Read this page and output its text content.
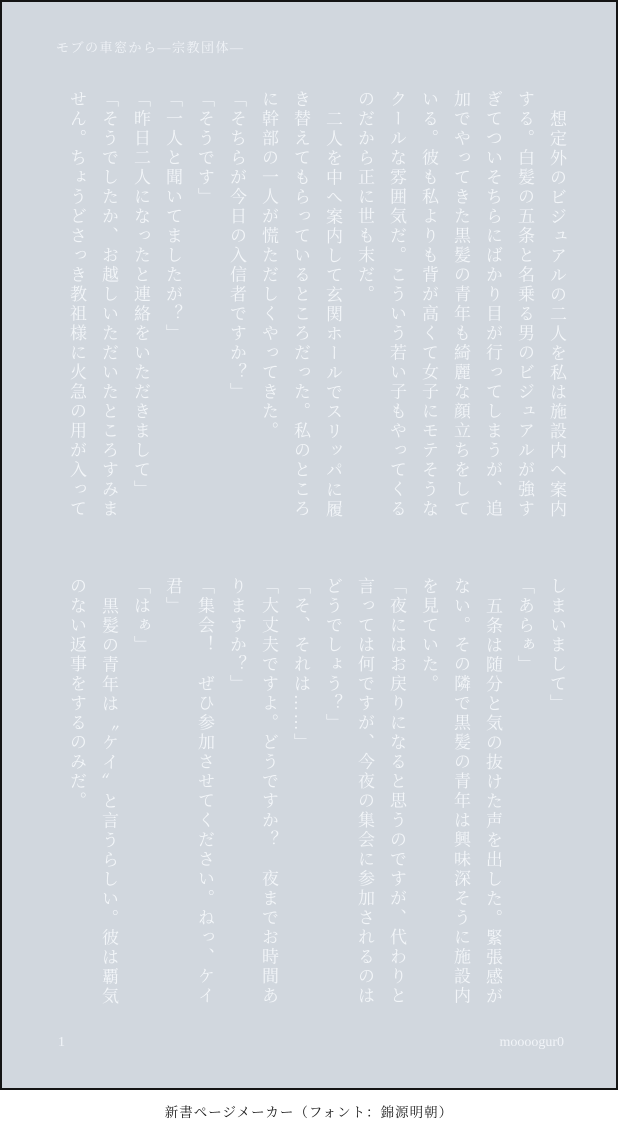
モブの車窓から―宗教団体―
想定外のビジュアルの二人を私は施設内へ案内
する。白髪の五条と名乗る男のビジュアルが強す
ぎてついそちらにばかり目が行ってしまうが、追
加でやってきた黒髪の青年も綺麗な顔立ちをして
いる。彼も私よりも背が高くて女子にモテそうな
クールな雰囲気だ。こういう若い子もやってくる
のだから正に世も末だ。
二人を中へ案内して玄関ホールでスリッパに履
き替えてもらっているところだった。私のところ
に幹部の一人が慌ただしくやってきた。
「そちらが今日の入信者ですか？」
「そうです」
「一人と聞いてましたが？」
「昨日二人になったと連絡をいただきまして」
「そうでしたか、お越しいただいたところすみま
せん。ちょうどさっき教祖様に火急の用が入って
しまいまして」
「あらぁ」
五条は随分と気の抜けた声を出した。緊張感が
ない。その隣で黒髪の青年は興味深そうに施設内
を見ていた。
「夜にはお戻りになると思うのですが、代わりと
言っては何ですが、今夜の集会に参加されるのは
どうでしょう？」
「そ、それは……」
「大丈夫ですよ。どうですか？　夜までお時間あ
りますか？」
「集会！　ぜひ参加させてください。ねっ、ケイ
君」
「はぁ」
黒髪の青年は〝ケイ〟と言うらしい。彼は覇気
のない返事をするのみだ。
1	moooogur0
新書ページメーカー（フォント：錦源明朝）
